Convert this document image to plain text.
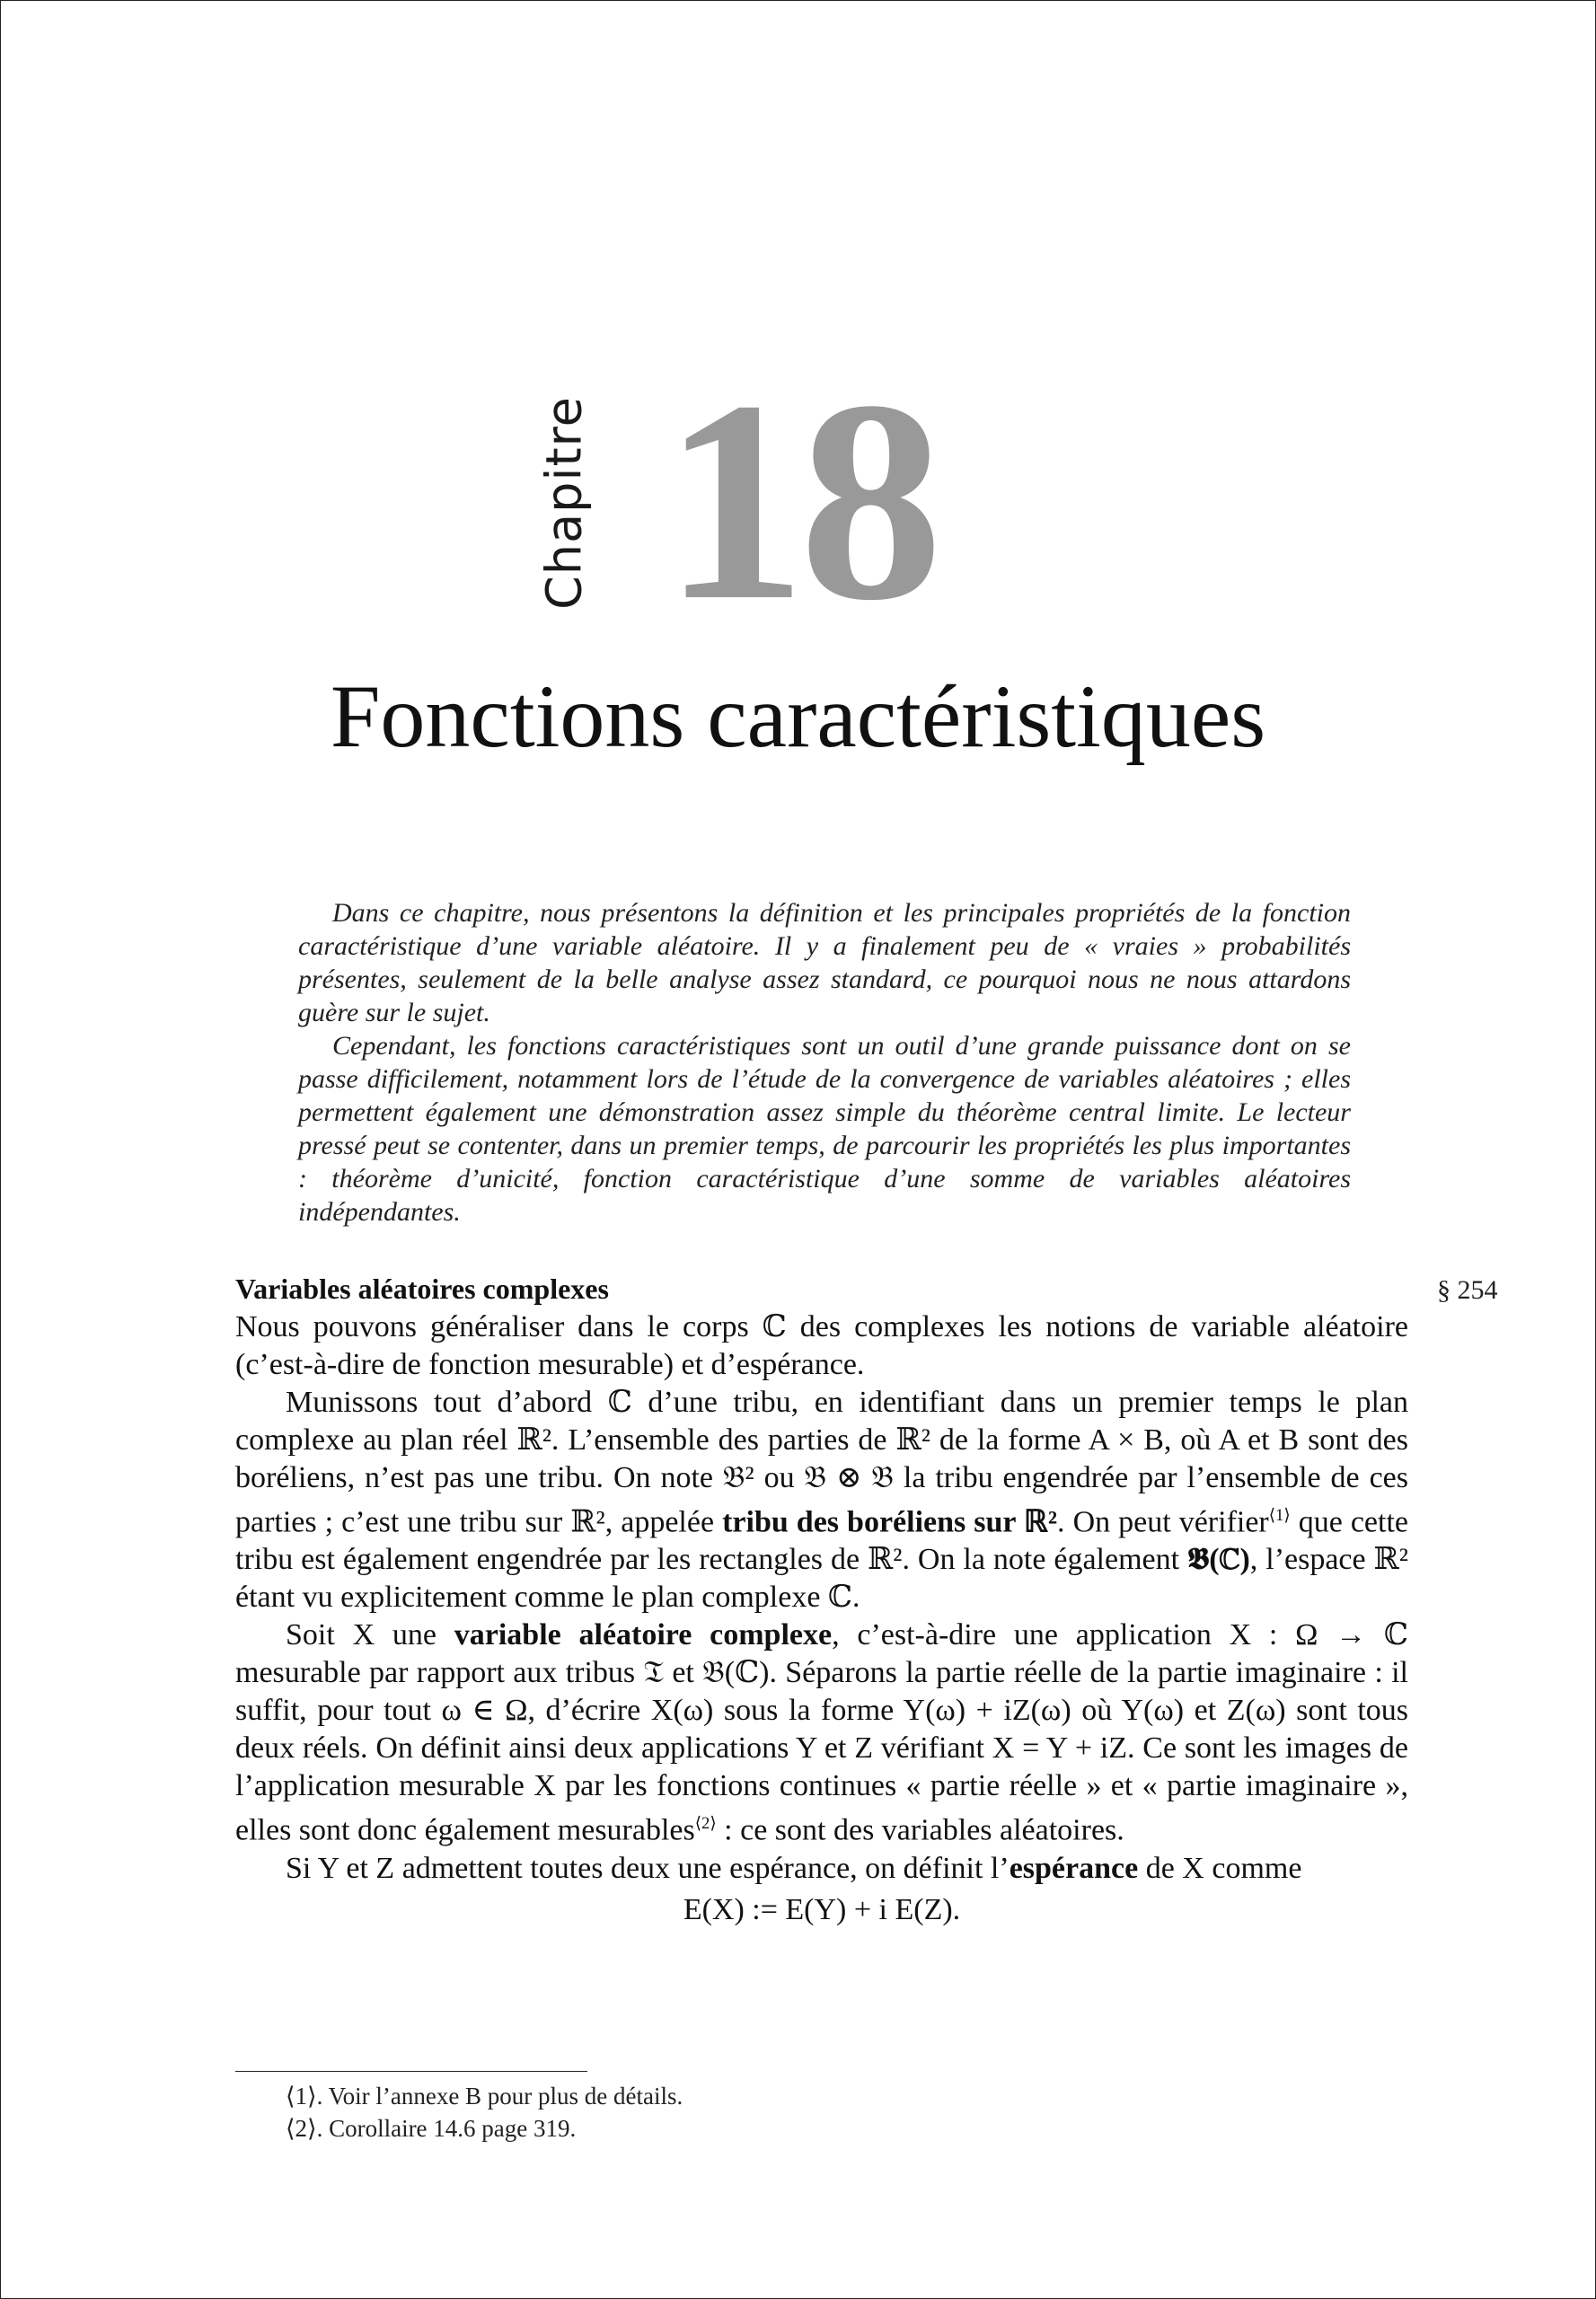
Chapitre 18
Fonctions caractéristiques

Dans ce chapitre, nous présentons la définition et les principales propriétés de la fonction caractéristique d’une variable aléatoire. Il y a finalement peu de « vraies » probabilités présentes, seulement de la belle analyse assez standard, ce pourquoi nous ne nous attardons guère sur le sujet.

Cependant, les fonctions caractéristiques sont un outil d’une grande puissance dont on se passe difficilement, notamment lors de l’étude de la convergence de variables aléatoires ; elles permettent également une démonstration assez simple du théorème central limite. Le lecteur pressé peut se contenter, dans un premier temps, de parcourir les propriétés les plus importantes : théorème d’unicité, fonction caractéristique d’une somme de variables aléatoires indépendantes.

§ 254

Variables aléatoires complexes

Nous pouvons généraliser dans le corps ℂ des complexes les notions de variable aléatoire (c’est-à-dire de fonction mesurable) et d’espérance.

Munissons tout d’abord ℂ d’une tribu, en identifiant dans un premier temps le plan complexe au plan réel ℝ². L’ensemble des parties de ℝ² de la forme A × B, où A et B sont des boréliens, n’est pas une tribu. On note 𝔅² ou 𝔅 ⊗ 𝔅 la tribu engendrée par l’ensemble de ces parties ; c’est une tribu sur ℝ², appelée tribu des boréliens sur ℝ². On peut vérifier$^{⟨1⟩}$ que cette tribu est également engendrée par les rectangles de ℝ². On la note également 𝕭(ℂ), l’espace ℝ² étant vu explicitement comme le plan complexe ℂ.

Soit X une variable aléatoire complexe, c’est-à-dire une application X : Ω → ℂ mesurable par rapport aux tribus 𝔗 et 𝔅(ℂ). Séparons la partie réelle de la partie imaginaire : il suffit, pour tout ω ∈ Ω, d’écrire X(ω) sous la forme Y(ω) + iZ(ω) où Y(ω) et Z(ω) sont tous deux réels. On définit ainsi deux applications Y et Z vérifiant X = Y + iZ. Ce sont les images de l’application mesurable X par les fonctions continues « partie réelle » et « partie imaginaire », elles sont donc également mesurables$^{⟨2⟩}$ : ce sont des variables aléatoires.

Si Y et Z admettent toutes deux une espérance, on définit l’espérance de X comme

E(X) := E(Y) + i E(Z).
⟨1⟩. Voir l’annexe B pour plus de détails.
⟨2⟩. Corollaire 14.6 page 319.
